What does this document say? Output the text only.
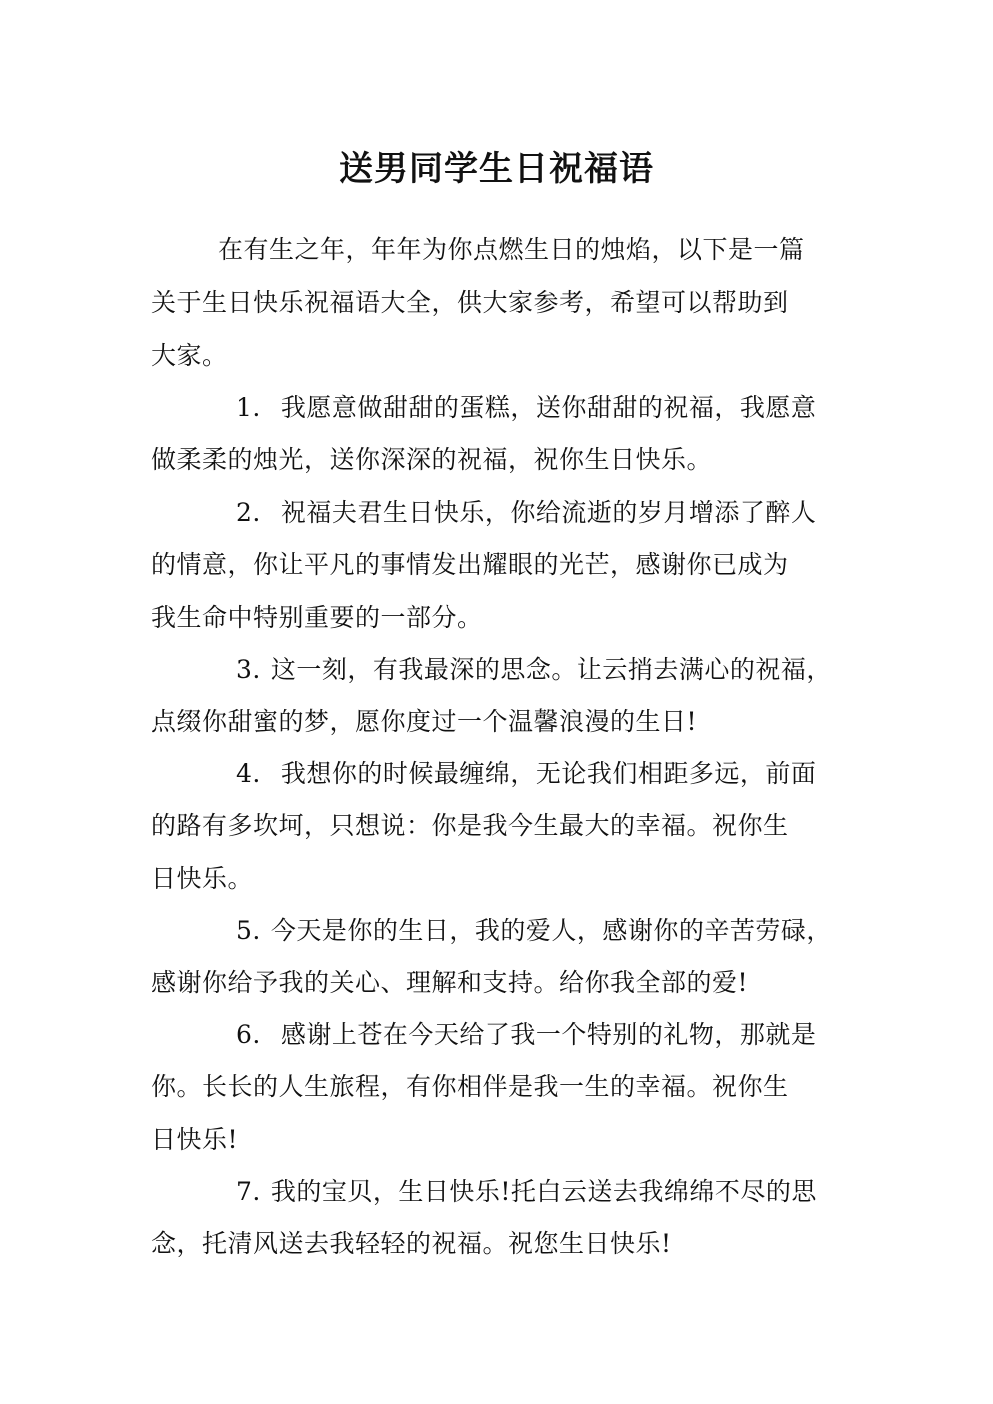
送男同学生日祝福语
在有生之年，年年为你点燃生日的烛焰，以下是一篇
关于生日快乐祝福语大全，供大家参考，希望可以帮助到
大家。
1. 我愿意做甜甜的蛋糕，送你甜甜的祝福，我愿意
做柔柔的烛光，送你深深的祝福，祝你生日快乐。
2. 祝福夫君生日快乐，你给流逝的岁月增添了醉人
的情意，你让平凡的事情发出耀眼的光芒，感谢你已成为
我生命中特别重要的一部分。
3. 这一刻，有我最深的思念。让云捎去满心的祝福，
点缀你甜蜜的梦，愿你度过一个温馨浪漫的生日!
4. 我想你的时候最缠绵，无论我们相距多远，前面
的路有多坎坷，只想说：你是我今生最大的幸福。祝你生
日快乐。
5. 今天是你的生日，我的爱人，感谢你的辛苦劳碌，
感谢你给予我的关心、理解和支持。给你我全部的爱!
6. 感谢上苍在今天给了我一个特别的礼物，那就是
你。长长的人生旅程，有你相伴是我一生的幸福。祝你生
日快乐!
7. 我的宝贝，生日快乐!托白云送去我绵绵不尽的思
念，托清风送去我轻轻的祝福。祝您生日快乐!
